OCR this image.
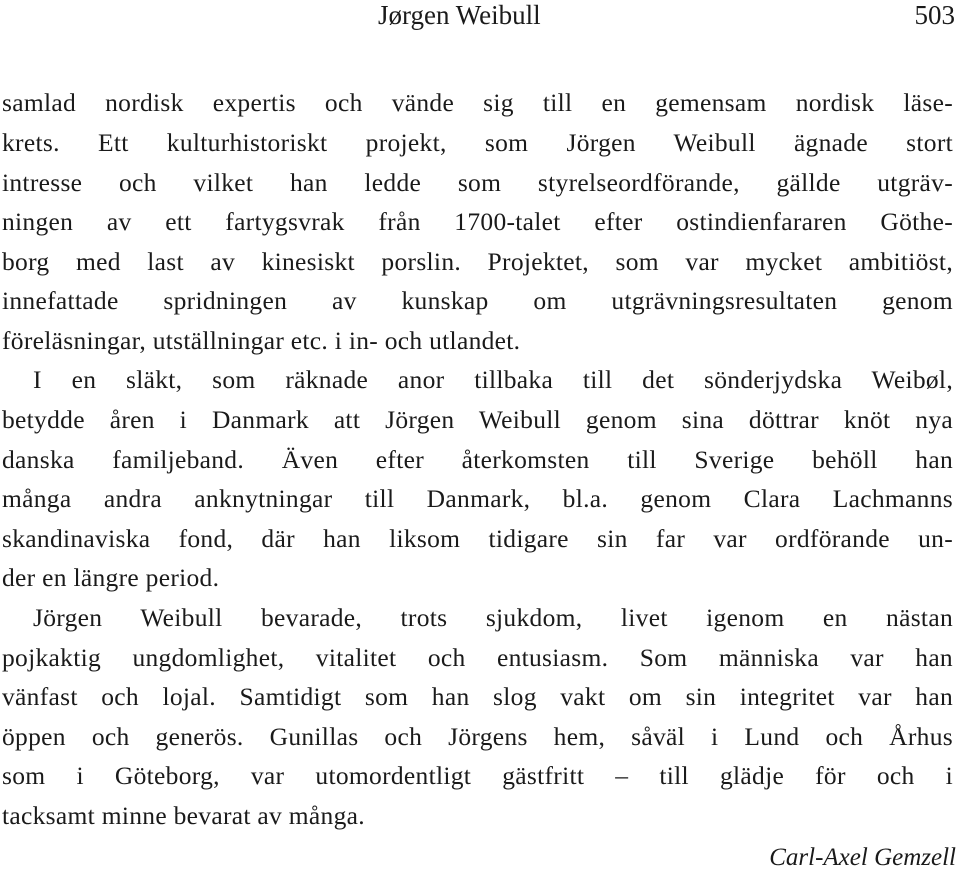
Jørgen Weibull	503
samlad nordisk expertis och vände sig till en gemensam nordisk läse-
krets. Ett kulturhistoriskt projekt, som Jörgen Weibull ägnade stort
intresse och vilket han ledde som styrelseordförande, gällde utgräv-
ningen av ett fartygsvrak från 1700-talet efter ostindienfararen Göthe-
borg med last av kinesiskt porslin. Projektet, som var mycket ambitiöst,
innefattade spridningen av kunskap om utgrävningsresultaten genom
föreläsningar, utställningar etc. i in- och utlandet.
I en släkt, som räknade anor tillbaka till det sönderjydska Weibøl,
betydde åren i Danmark att Jörgen Weibull genom sina döttrar knöt nya
danska familjeband. Även efter återkomsten till Sverige behöll han
många andra anknytningar till Danmark, bl.a. genom Clara Lachmanns
skandinaviska fond, där han liksom tidigare sin far var ordförande un-
der en längre period.
Jörgen Weibull bevarade, trots sjukdom, livet igenom en nästan
pojkaktig ungdomlighet, vitalitet och entusiasm. Som människa var han
vänfast och lojal. Samtidigt som han slog vakt om sin integritet var han
öppen och generös. Gunillas och Jörgens hem, såväl i Lund och Århus
som i Göteborg, var utomordentligt gästfritt – till glädje för och i
tacksamt minne bevarat av många.
Carl-Axel Gemzell
